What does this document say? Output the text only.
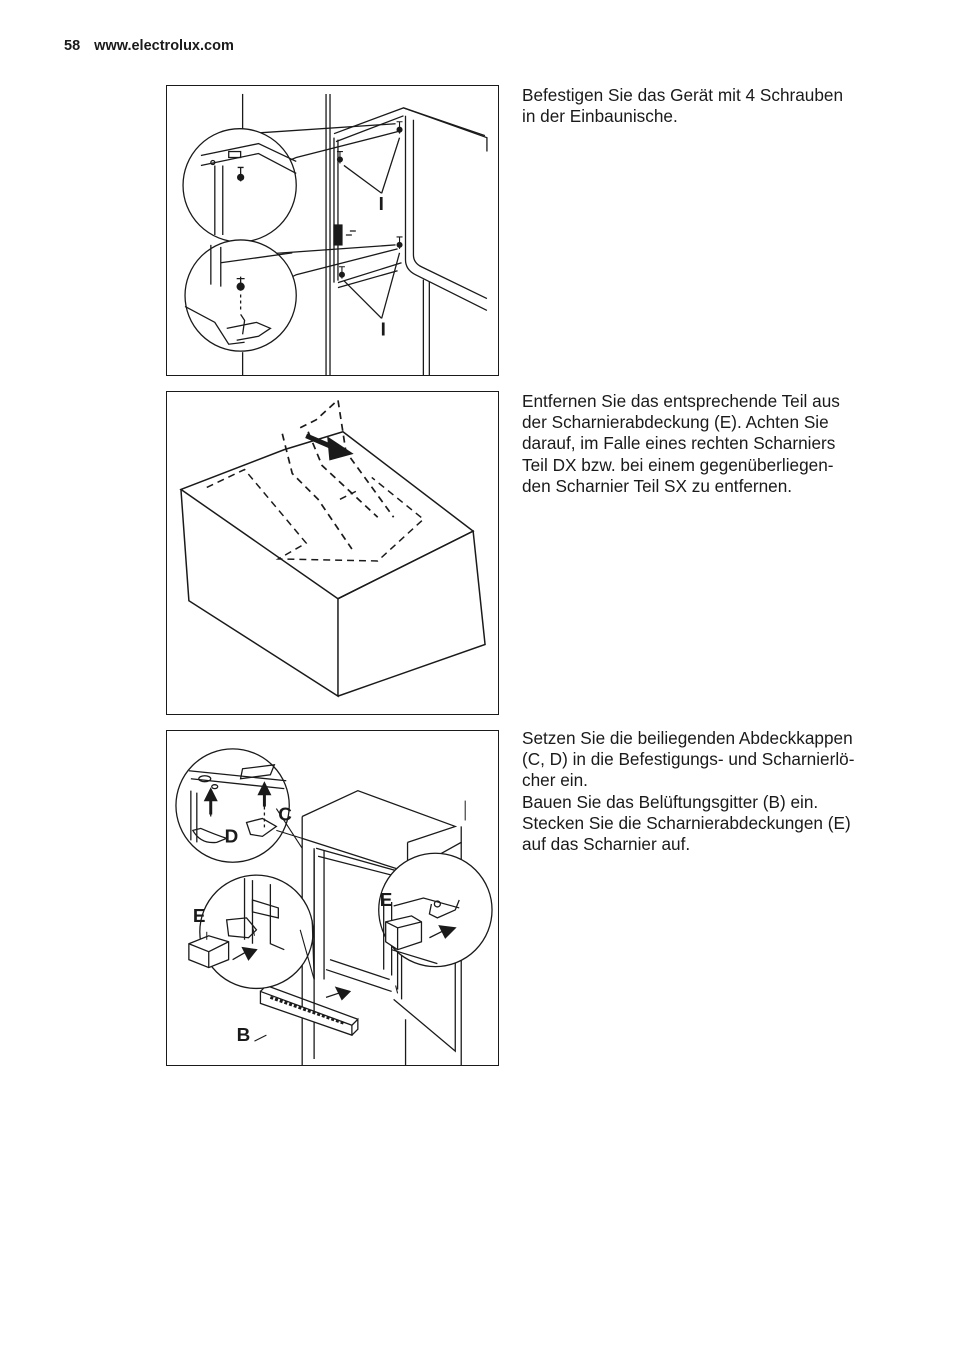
58 www.electrolux.com
I
I

Befestigen Sie das Gerät mit 4 Schrauben

in der Einbaunische.

Entfernen Sie das entsprechende Teil aus

der Scharnierabdeckung (E). Achten Sie

darauf, im Falle eines rechten Scharniers

Teil DX bzw. bei einem gegenüberliegen-

den Scharnier Teil SX zu entfernen.

C
D
E
E
B

Setzen Sie die beiliegenden Abdeckkappen

(C, D) in die Befestigungs- und Scharnierlö-

cher ein.

Bauen Sie das Belüftungsgitter (B) ein.

Stecken Sie die Scharnierabdeckungen (E)

auf das Scharnier auf.
